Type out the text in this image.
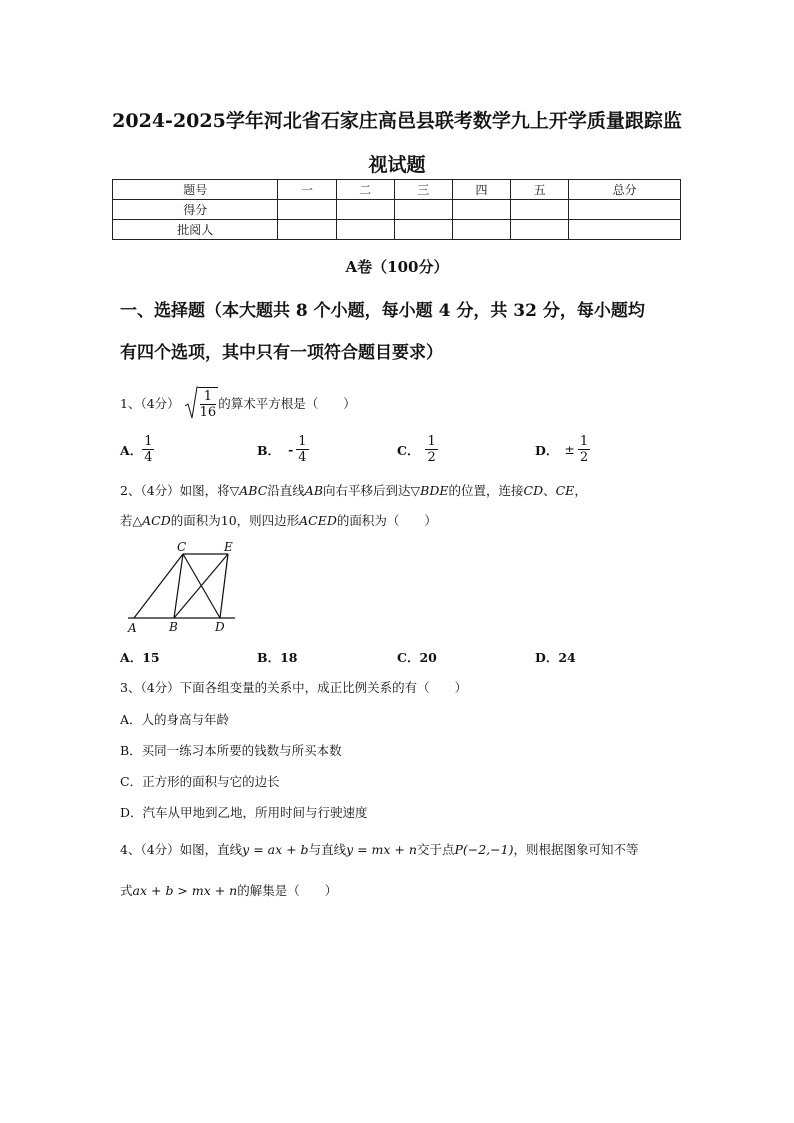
2024-2025学年河北省石家庄高邑县联考数学九上开学质量跟踪监
视试题
题号	一	二	三	四	五	总分
得分						
批阅人						
A卷（100分）
一、选择题（本大题共 8 个小题，每小题 4 分，共 32 分，每小题均
有四个选项，其中只有一项符合题目要求）
1、（4分） $\frac{1}{16}$ 的算术平方根是（　　）
A． $\frac{1}{4}$	B． - $\frac{1}{4}$	C． $\frac{1}{2}$	D． ± $\frac{1}{2}$
2、（4分）如图，将▽ABC沿直线AB向右平移后到达▽BDE的位置，连接CD、CE，
若△ACD的面积为10，则四边形ACED的面积为（　　）
C	E
A	B	D
A．15	B．18	C．20	D．24
3、（4分）下面各组变量的关系中，成正比例关系的有（　　）
A．人的身高与年龄
B．买同一练习本所要的钱数与所买本数
C．正方形的面积与它的边长
D．汽车从甲地到乙地，所用时间与行驶速度
4、（4分）如图，直线y = ax + b与直线y = mx + n交于点P(−2,−1)，则根据图象可知不等
式ax + b > mx + n的解集是（　　）
